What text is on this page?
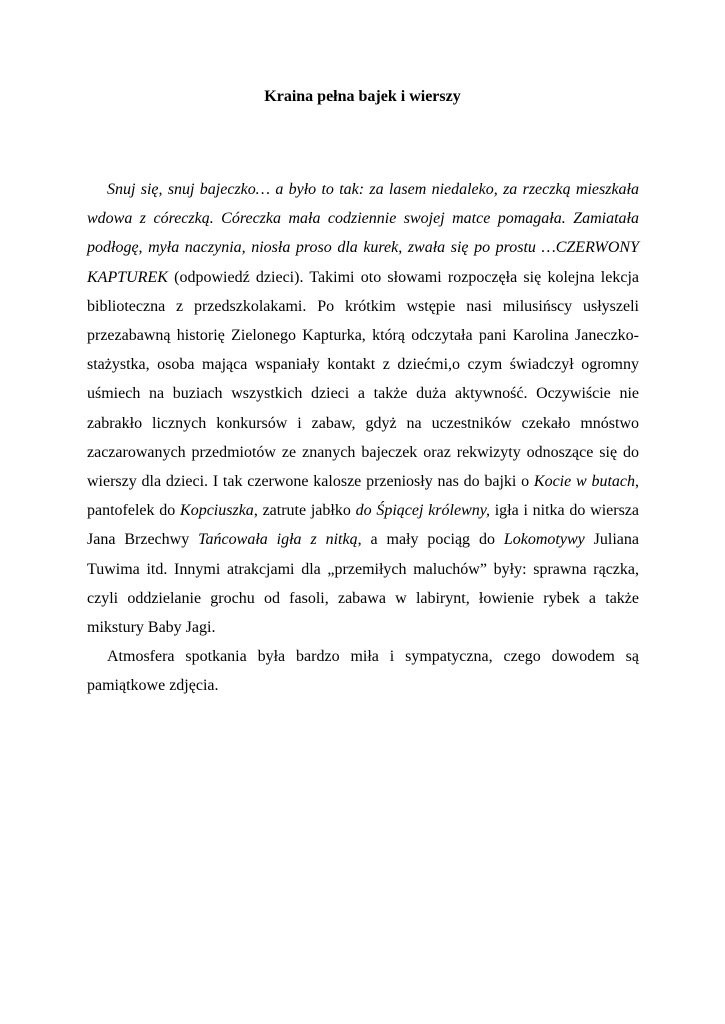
Kraina pełna bajek i wierszy

Snuj się, snuj bajeczko… a było to tak: za lasem niedaleko, za rzeczką mieszkała wdowa z córeczką. Córeczka mała codziennie swojej matce pomagała. Zamiatała podłogę, myła naczynia, niosła proso dla kurek, zwała się po prostu …CZERWONY KAPTUREK (odpowiedź dzieci). Takimi oto słowami rozpoczęła się kolejna lekcja biblioteczna z przedszkolakami. Po krótkim wstępie nasi milusińscy usłyszeli przezabawną historię Zielonego Kapturka, którą odczytała pani Karolina Janeczko- stażystka, osoba mająca wspaniały kontakt z dziećmi,o czym świadczył ogromny uśmiech na buziach wszystkich dzieci a także duża aktywność. Oczywiście nie zabrakło licznych konkursów i zabaw, gdyż na uczestników czekało mnóstwo zaczarowanych przedmiotów ze znanych bajeczek oraz rekwizyty odnoszące się do wierszy dla dzieci. I tak czerwone kalosze przeniosły nas do bajki o Kocie w butach, pantofelek do Kopciuszka, zatrute jabłko do Śpiącej królewny, igła i nitka do wiersza Jana Brzechwy Tańcowała igła z nitką, a mały pociąg do Lokomotywy Juliana Tuwima itd. Innymi atrakcjami dla „przemiłych maluchów” były: sprawna rączka, czyli oddzielanie grochu od fasoli, zabawa w labirynt, łowienie rybek a także mikstury Baby Jagi.

Atmosfera spotkania była bardzo miła i sympatyczna, czego dowodem są pamiątkowe zdjęcia.
